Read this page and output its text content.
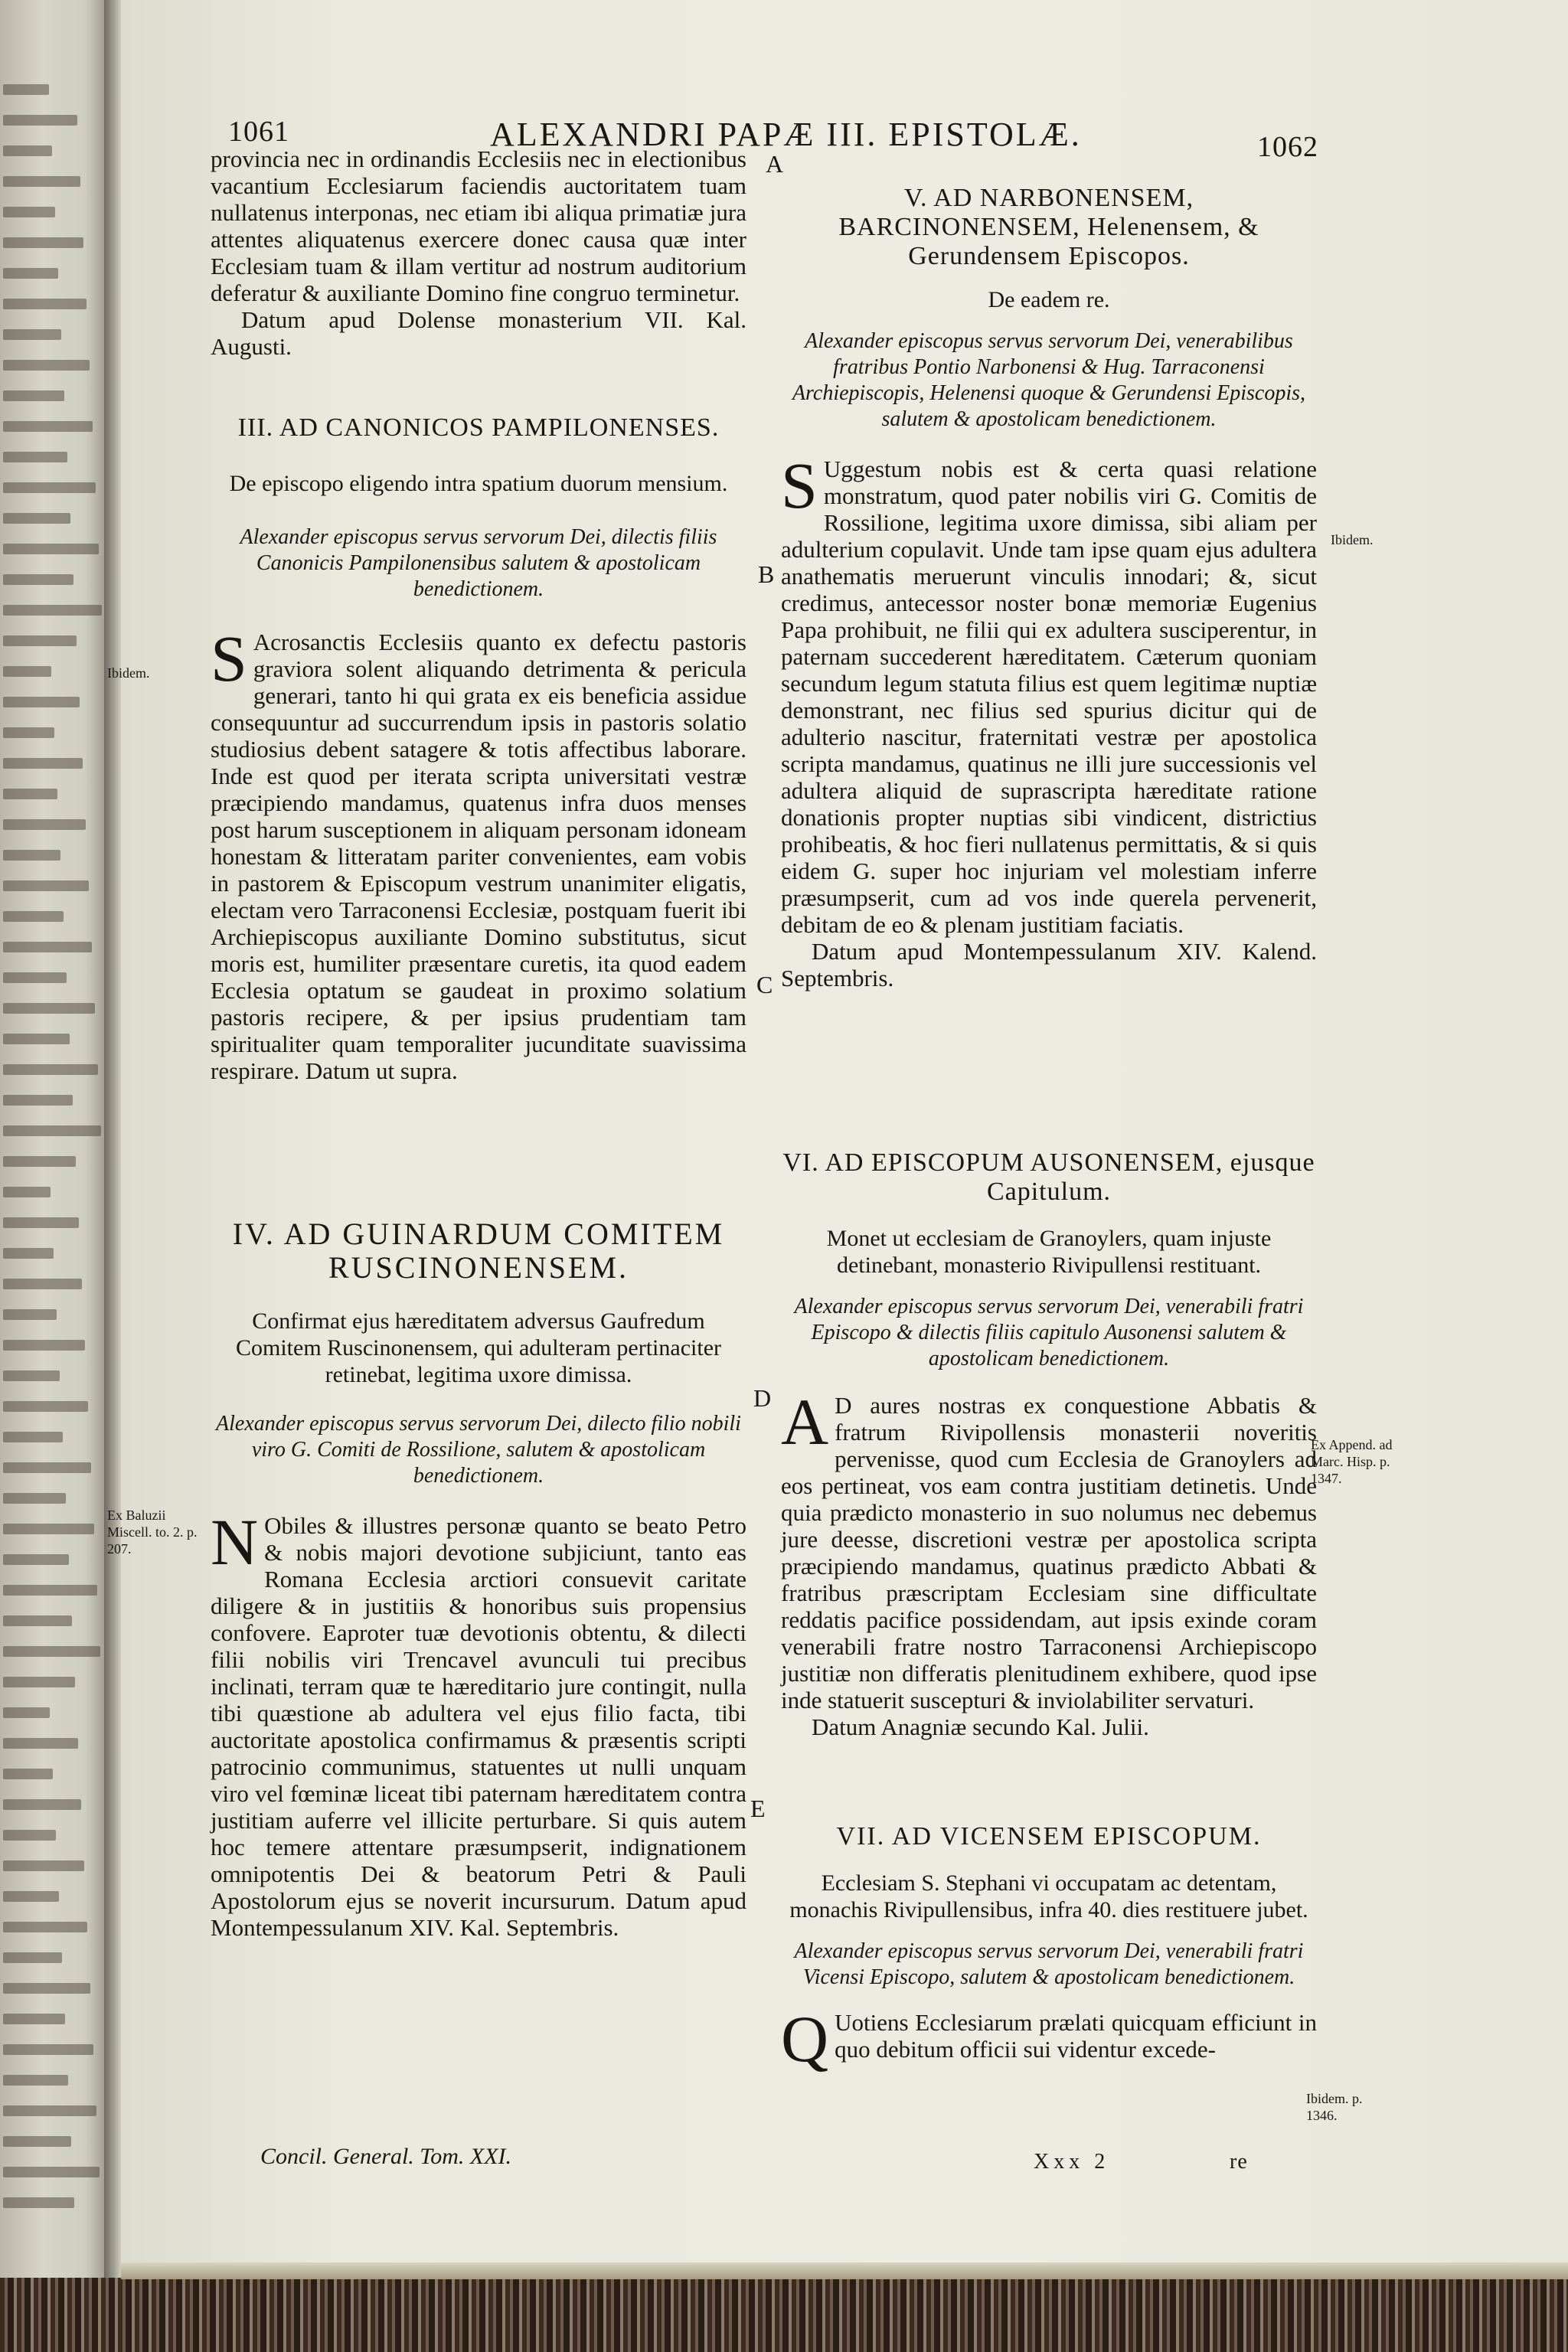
1061	ALEXANDRI PAPÆ III. EPISTOLÆ.	1062
A
B
C
D
E
Ibidem.
Ex Baluzii Miscell. to. 2. p. 207.
Ibidem.
Ex Append. ad Marc. Hisp. p. 1347.
Ibidem. p. 1346.

provincia nec in ordinandis Ecclesiis nec in electionibus vacantium Ecclesiarum faciendis auctoritatem tuam nullatenus interponas, nec etiam ibi aliqua primatiæ jura attentes aliquatenus exercere donec causa quæ inter Ecclesiam tuam & illam vertitur ad nostrum auditorium deferatur & auxiliante Domino fine congruo terminetur.

Datum apud Dolense monasterium VII. Kal. Augusti.

III. AD CANONICOS PAMPILONENSES.

De episcopo eligendo intra spatium duorum mensium.

Alexander episcopus servus servorum Dei, dilectis filiis Canonicis Pampilonensibus salutem & apostolicam benedictionem.

S Acrosanctis Ecclesiis quanto ex defectu pastoris graviora solent aliquando detrimenta & pericula generari, tanto hi qui grata ex eis beneficia assidue consequuntur ad succurrendum ipsis in pastoris solatio studiosius debent satagere & totis affectibus laborare. Inde est quod per iterata scripta universitati vestræ præcipiendo mandamus, quatenus infra duos menses post harum susceptionem in aliquam personam idoneam honestam & litteratam pariter convenientes, eam vobis in pastorem & Episcopum vestrum unanimiter eligatis, electam vero Tarraconensi Ecclesiæ, postquam fuerit ibi Archiepiscopus auxiliante Domino substitutus, sicut moris est, humiliter præsentare curetis, ita quod eadem Ecclesia optatum se gaudeat in proximo solatium pastoris recipere, & per ipsius prudentiam tam spiritualiter quam temporaliter jucunditate suavissima respirare. Datum ut supra.

IV. AD GUINARDUM COMITEM RUSCINONENSEM.

Confirmat ejus hæreditatem adversus Gaufredum Comitem Ruscinonensem, qui adulteram pertinaciter retinebat, legitima uxore dimissa.

Alexander episcopus servus servorum Dei, dilecto filio nobili viro G. Comiti de Rossilione, salutem & apostolicam benedictionem.

N Obiles & illustres personæ quanto se beato Petro & nobis majori devotione subjiciunt, tanto eas Romana Ecclesia arctiori consuevit caritate diligere & in justitiis & honoribus suis propensius confovere. Eaproter tuæ devotionis obtentu, & dilecti filii nobilis viri Trencavel avunculi tui precibus inclinati, terram quæ te hæreditario jure contingit, nulla tibi quæstione ab adultera vel ejus filio facta, tibi auctoritate apostolica confirmamus & præsentis scripti patrocinio communimus, statuentes ut nulli unquam viro vel fœminæ liceat tibi paternam hæreditatem contra justitiam auferre vel illicite perturbare. Si quis autem hoc temere attentare præsumpserit, indignationem omnipotentis Dei & beatorum Petri & Pauli Apostolorum ejus se noverit incursurum. Datum apud Montempessulanum XIV. Kal. Septembris.

Concil. General. Tom. XXI.

V. AD NARBONENSEM, BARCINONENSEM, Helenensem, & Gerundensem Episcopos.

De eadem re.

Alexander episcopus servus servorum Dei, venerabilibus fratribus Pontio Narbonensi & Hug. Tarraconensi Archiepiscopis, Helenensi quoque & Gerundensi Episcopis, salutem & apostolicam benedictionem.

S Uggestum nobis est & certa quasi relatione monstratum, quod pater nobilis viri G. Comitis de Rossilione, legitima uxore dimissa, sibi aliam per adulterium copulavit. Unde tam ipse quam ejus adultera anathematis meruerunt vinculis innodari; &, sicut credimus, antecessor noster bonæ memoriæ Eugenius Papa prohibuit, ne filii qui ex adultera susciperentur, in paternam succederent hæreditatem. Cæterum quoniam secundum legum statuta filius est quem legitimæ nuptiæ demonstrant, nec filius sed spurius dicitur qui de adulterio nascitur, fraternitati vestræ per apostolica scripta mandamus, quatinus ne illi jure successionis vel adultera aliquid de suprascripta hæreditate ratione donationis propter nuptias sibi vindicent, districtius prohibeatis, & hoc fieri nullatenus permittatis, & si quis eidem G. super hoc injuriam vel molestiam inferre præsumpserit, cum ad vos inde querela pervenerit, debitam de eo & plenam justitiam faciatis.

Datum apud Montempessulanum XIV. Kalend. Septembris.

VI. AD EPISCOPUM AUSONENSEM, ejusque Capitulum.

Monet ut ecclesiam de Granoylers, quam injuste detinebant, monasterio Rivipullensi restituant.

Alexander episcopus servus servorum Dei, venerabili fratri Episcopo & dilectis filiis capitulo Ausonensi salutem & apostolicam benedictionem.

A D aures nostras ex conquestione Abbatis & fratrum Rivipollensis monasterii noveritis pervenisse, quod cum Ecclesia de Granoylers ad eos pertineat, vos eam contra justitiam detinetis. Unde quia prædicto monasterio in suo nolumus nec debemus jure deesse, discretioni vestræ per apostolica scripta præcipiendo mandamus, quatinus prædicto Abbati & fratribus præscriptam Ecclesiam sine difficultate reddatis pacifice possidendam, aut ipsis exinde coram venerabili fratre nostro Tarraconensi Archiepiscopo justitiæ non differatis plenitudinem exhibere, quod ipse inde statuerit suscepturi & inviolabiliter servaturi.

Datum Anagniæ secundo Kal. Julii.

VII. AD VICENSEM EPISCOPUM.

Ecclesiam S. Stephani vi occupatam ac detentam, monachis Rivipullensibus, infra 40. dies restituere jubet.

Alexander episcopus servus servorum Dei, venerabili fratri Vicensi Episcopo, salutem & apostolicam benedictionem.

Q Uotiens Ecclesiarum prælati quicquam efficiunt in quo debitum officii sui videntur excede-

Xxx 2	re
